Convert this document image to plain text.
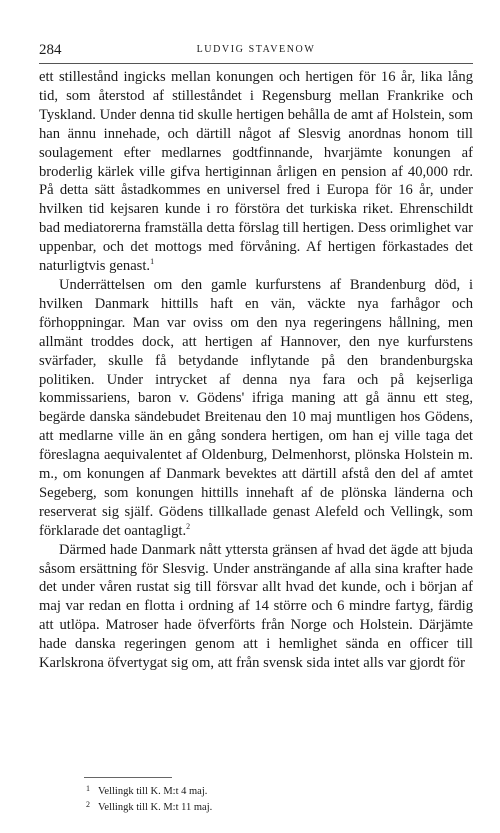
284	LUDVIG STAVENOW

ett stillestånd ingicks mellan konungen och hertigen för 16 år, lika lång tid, som återstod af stilleståndet i Regensburg mellan Frankrike och Tyskland. Under denna tid skulle hertigen behålla de amt af Holstein, som han ännu innehade, och därtill något af Slesvig anordnas honom till soulagement efter medlarnes godtfinnande, hvarjämte konungen af broderlig kärlek ville gifva hertiginnan årligen en pension af 40,000 rdr. På detta sätt åstadkommes en universel fred i Europa för 16 år, under hvilken tid kejsaren kunde i ro förstöra det turkiska riket. Ehrenschildt bad mediatorerna framställa detta förslag till hertigen. Dess orimlighet var uppenbar, och det mottogs med förvåning. Af hertigen förkastades det naturligtvis genast.$^1$

Underrättelsen om den gamle kurfurstens af Brandenburg död, i hvilken Danmark hittills haft en vän, väckte nya farhågor och förhoppningar. Man var oviss om den nya regeringens hållning, men allmänt troddes dock, att hertigen af Hannover, den nye kurfurstens svärfader, skulle få betydande inflytande på den brandenburgska politiken. Under intrycket af denna nya fara och på kejserliga kommissariens, baron v. Gödens' ifriga maning att gå ännu ett steg, begärde danska sändebudet Breitenau den 10 maj muntligen hos Gödens, att medlarne ville än en gång sondera hertigen, om han ej ville taga det föreslagna aequivalentet af Oldenburg, Delmenhorst, plönska Holstein m. m., om konungen af Danmark bevektes att därtill afstå den del af amtet Segeberg, som konungen hittills innehaft af de plönska länderna och reserverat sig själf. Gödens tillkallade genast Alefeld och Vellingk, som förklarade det oantagligt.$^2$

Därmed hade Danmark nått yttersta gränsen af hvad det ägde att bjuda såsom ersättning för Slesvig. Under ansträngande af alla sina krafter hade det under våren rustat sig till försvar allt hvad det kunde, och i början af maj var redan en flotta i ordning af 14 större och 6 mindre fartyg, färdig att utlöpa. Matroser hade öfverförts från Norge och Holstein. Därjämte hade danska regeringen genom att i hemlighet sända en officer till Karlskrona öfvertygat sig om, att från svensk sida intet alls var gjordt för

1 Vellingk till K. M:t 4 maj.
2 Vellingk till K. M:t 11 maj.
